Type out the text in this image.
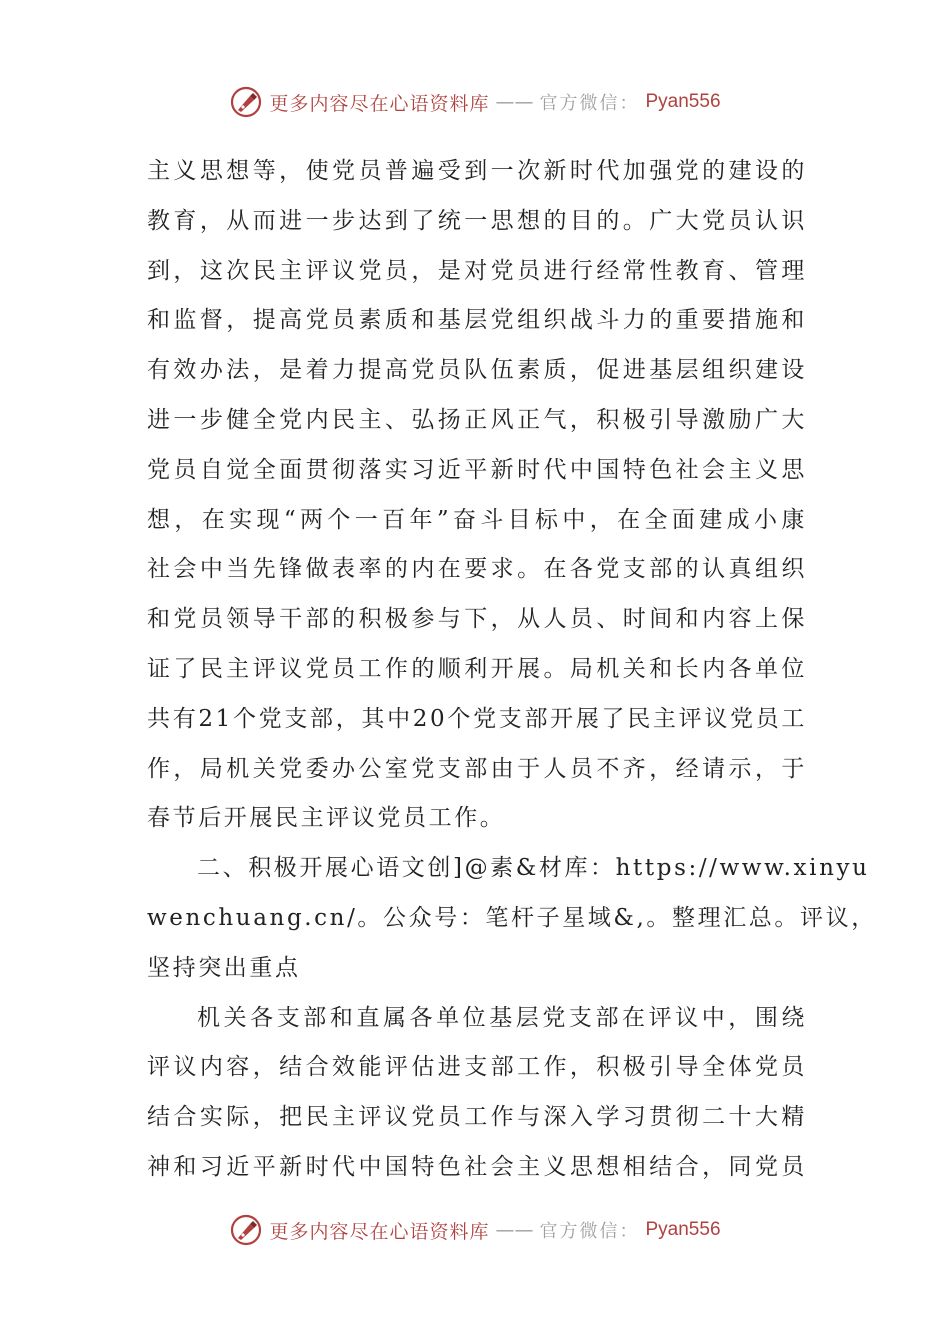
更多内容尽在心语资料库 —— 官方微信： Pyan556
主义思想等，使党员普遍受到一次新时代加强党的建设的
教育，从而进一步达到了统一思想的目的。广大党员认识
到，这次民主评议党员，是对党员进行经常性教育、管理
和监督，提高党员素质和基层党组织战斗力的重要措施和
有效办法，是着力提高党员队伍素质，促进基层组织建设
进一步健全党内民主、弘扬正风正气，积极引导激励广大
党员自觉全面贯彻落实习近平新时代中国特色社会主义思
想，在实现“两个一百年”奋斗目标中，在全面建成小康
社会中当先锋做表率的内在要求。在各党支部的认真组织
和党员领导干部的积极参与下，从人员、时间和内容上保
证了民主评议党员工作的顺利开展。局机关和长内各单位
共有21个党支部，其中20个党支部开展了民主评议党员工
作，局机关党委办公室党支部由于人员不齐，经请示，于
春节后开展民主评议党员工作。
二、积极开展心语文创]@素&材库：https://www.xinyu
wenchuang.cn/。公众号：笔杆子星域&,。整理汇总。评议，
坚持突出重点
机关各支部和直属各单位基层党支部在评议中，围绕
评议内容，结合效能评估进支部工作，积极引导全体党员
结合实际，把民主评议党员工作与深入学习贯彻二十大精
神和习近平新时代中国特色社会主义思想相结合，同党员
更多内容尽在心语资料库 —— 官方微信： Pyan556
